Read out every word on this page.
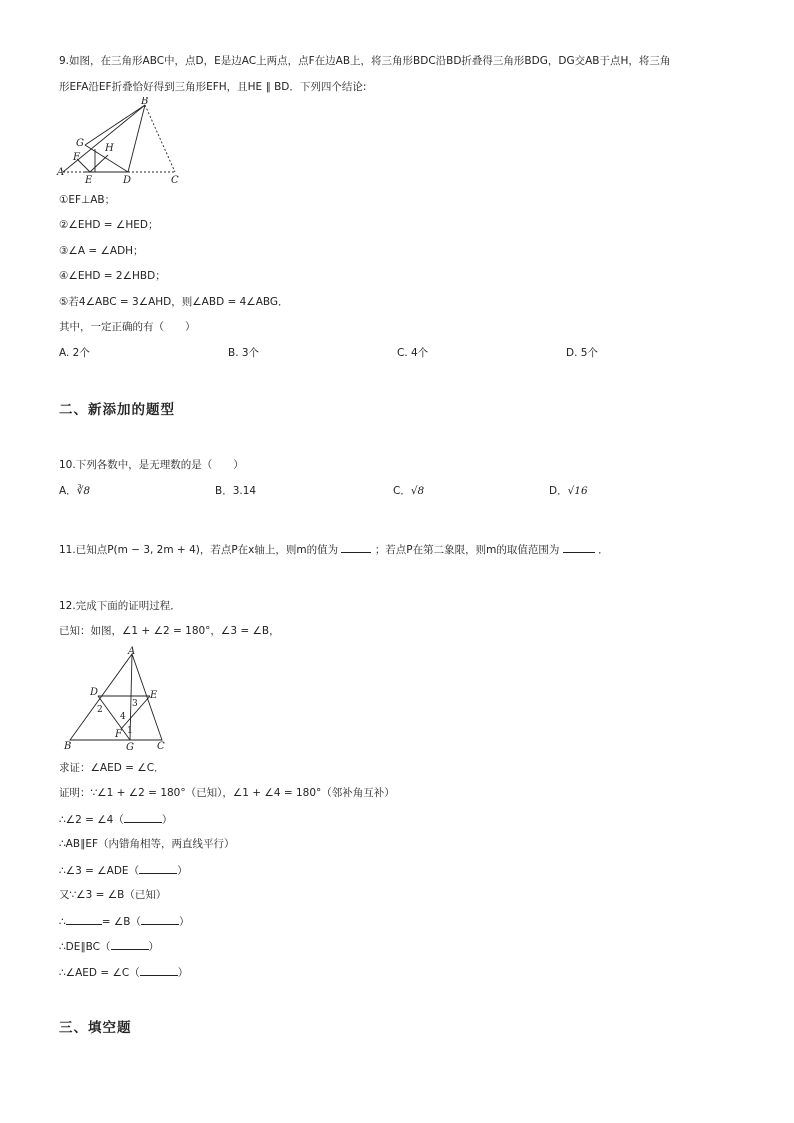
9.如图，在三角形ABC中，点D，E是边AC上两点，点F在边AB上，将三角形BDC沿BD折叠得三角形BDG，DG交AB于点H，将三角
形EFA沿EF折叠恰好得到三角形EFH，且HE ∥ BD．下列四个结论:
B
G H
F
A
E	D	C
①EF⊥AB；
②∠EHD = ∠HED；
③∠A = ∠ADH；
④∠EHD = 2∠HBD；
⑤若4∠ABC = 3∠AHD，则∠ABD = 4∠ABG．
其中，一定正确的有（　　）
A. 2个	B. 3个	C. 4个	D. 5个
二、新添加的题型
10.下列各数中，是无理数的是（　　）
A．∛8	B．3.14	C．√8	D．√16
11.已知点P(m − 3, 2m + 4)，若点P在x轴上，则m的值为	；若点P在第二象限，则m的取值范围为	．
12.完成下面的证明过程．
已知：如图，∠1 + ∠2 = 180°，∠3 = ∠B，
A
D	E
B	G C
F 1
2
3
4
求证：∠AED = ∠C．
证明：∵∠1 + ∠2 = 180°（已知），∠1 + ∠4 = 180°（邻补角互补）
∴∠2 = ∠4（	）
∴AB∥EF（内错角相等，两直线平行）
∴∠3 = ∠ADE（	）
又∵∠3 = ∠B（已知）
∴	= ∠B（	）
∴DE∥BC（	）
∴∠AED = ∠C（	）
三、填空题
